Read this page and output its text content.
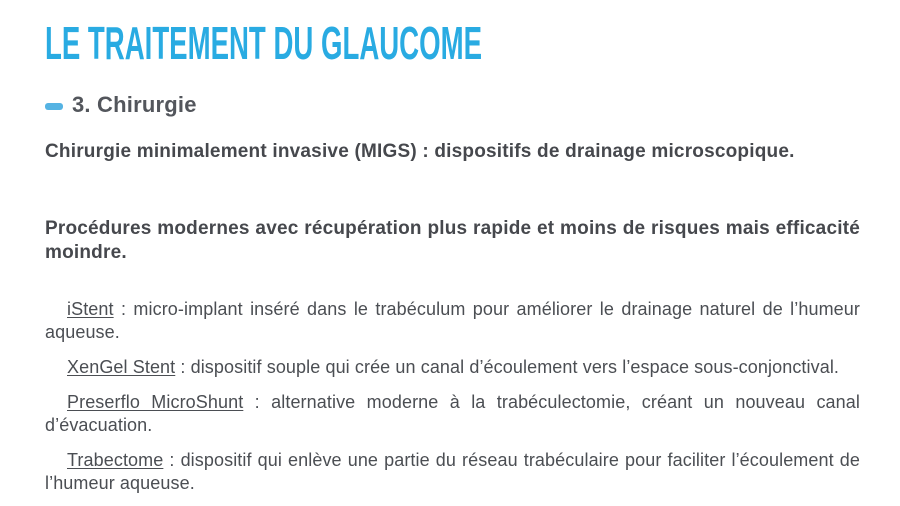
LE TRAITEMENT DU GLAUCOME
3. Chirurgie

Chirurgie minimalement invasive (MIGS) : dispositifs de drainage microscopique.

Procédures modernes avec récupération plus rapide et moins de risques mais efficacité moindre.

iStent : micro-implant inséré dans le trabéculum pour améliorer le drainage naturel de l’humeur aqueuse.

XenGel Stent : dispositif souple qui crée un canal d’écoulement vers l’espace sous-conjonctival.

Preserflo MicroShunt : alternative moderne à la trabéculectomie, créant un nouveau canal d’évacuation.

Trabectome : dispositif qui enlève une partie du réseau trabéculaire pour faciliter l’écoulement de l’humeur aqueuse.
